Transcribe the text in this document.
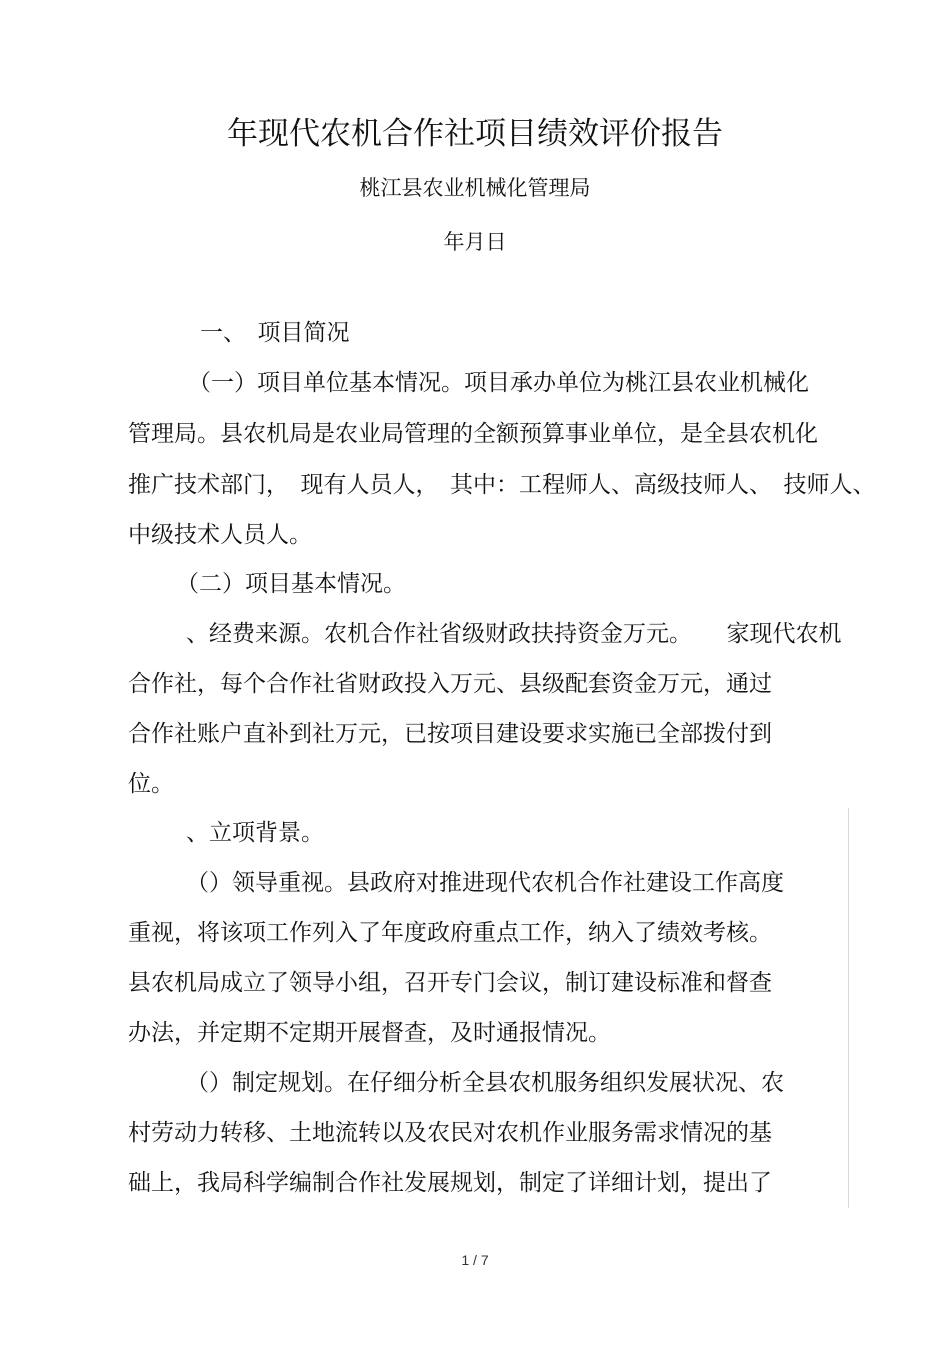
年现代农机合作社项目绩效评价报告
桃江县农业机械化管理局
年月日
一、　项目简况
（一）项目单位基本情况。项目承办单位为桃江县农业机械化
管理局。县农机局是农业局管理的全额预算事业单位，是全县农机化
推广技术部门，　现有人员人，　其中：工程师人、高级技师人、　技师人、
中级技术人员人。
（二）项目基本情况。
、经费来源。农机合作社省级财政扶持资金万元。　　家现代农机
合作社，每个合作社省财政投入万元、县级配套资金万元，通过
合作社账户直补到社万元，已按项目建设要求实施已全部拨付到
位。
、立项背景。
（）领导重视。县政府对推进现代农机合作社建设工作高度
重视，将该项工作列入了年度政府重点工作，纳入了绩效考核。
县农机局成立了领导小组，召开专门会议，制订建设标准和督查
办法，并定期不定期开展督查，及时通报情况。
（）制定规划。在仔细分析全县农机服务组织发展状况、农
村劳动力转移、土地流转以及农民对农机作业服务需求情况的基
础上，我局科学编制合作社发展规划，制定了详细计划，提出了
1 / 7
